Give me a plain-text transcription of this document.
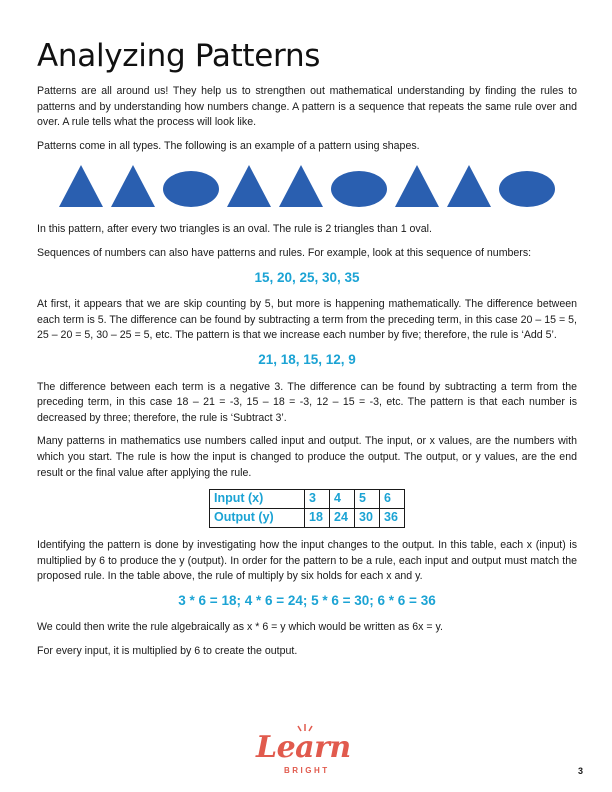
Analyzing Patterns

Patterns are all around us! They help us to strengthen out mathematical understanding by finding the rules to patterns and by understanding how numbers change. A pattern is a sequence that repeats the same rule over and over. A rule tells what the process will look like.

Patterns come in all types. The following is an example of a pattern using shapes.

In this pattern, after every two triangles is an oval. The rule is 2 triangles than 1 oval.

Sequences of numbers can also have patterns and rules. For example, look at this sequence of numbers:

15, 20, 25, 30, 35

At first, it appears that we are skip counting by 5, but more is happening mathematically. The difference between each term is 5. The difference can be found by subtracting a term from the preceding term, in this case 20 – 15 = 5, 25 – 20 = 5, 30 – 25 = 5, etc. The pattern is that we increase each number by five; therefore, the rule is ‘Add 5’.

21, 18, 15, 12, 9

The difference between each term is a negative 3. The difference can be found by subtracting a term from the preceding term, in this case 18 – 21 = -3, 15 – 18 = -3, 12 – 15 = -3, etc. The pattern is that each number is decreased by three; therefore, the rule is ‘Subtract 3’.

Many patterns in mathematics use numbers called input and output. The input, or x values, are the numbers with which you start. The rule is how the input is changed to produce the output. The output, or y values, are the end result or the final value after applying the rule.

Input (x)	3	4	5	6
Output (y)	18	24	30	36

Identifying the pattern is done by investigating how the input changes to the output. In this table, each x (input) is multiplied by 6 to produce the y (output). In order for the pattern to be a rule, each input and output must match the proposed rule. In the table above, the rule of multiply by six holds for each x and y.

3 * 6 = 18; 4 * 6 = 24; 5 * 6 = 30; 6 * 6 = 36

We could then write the rule algebraically as x * 6 = y which would be written as 6x = y.

For every input, it is multiplied by 6 to create the output.

Learn
BRIGHT	3
